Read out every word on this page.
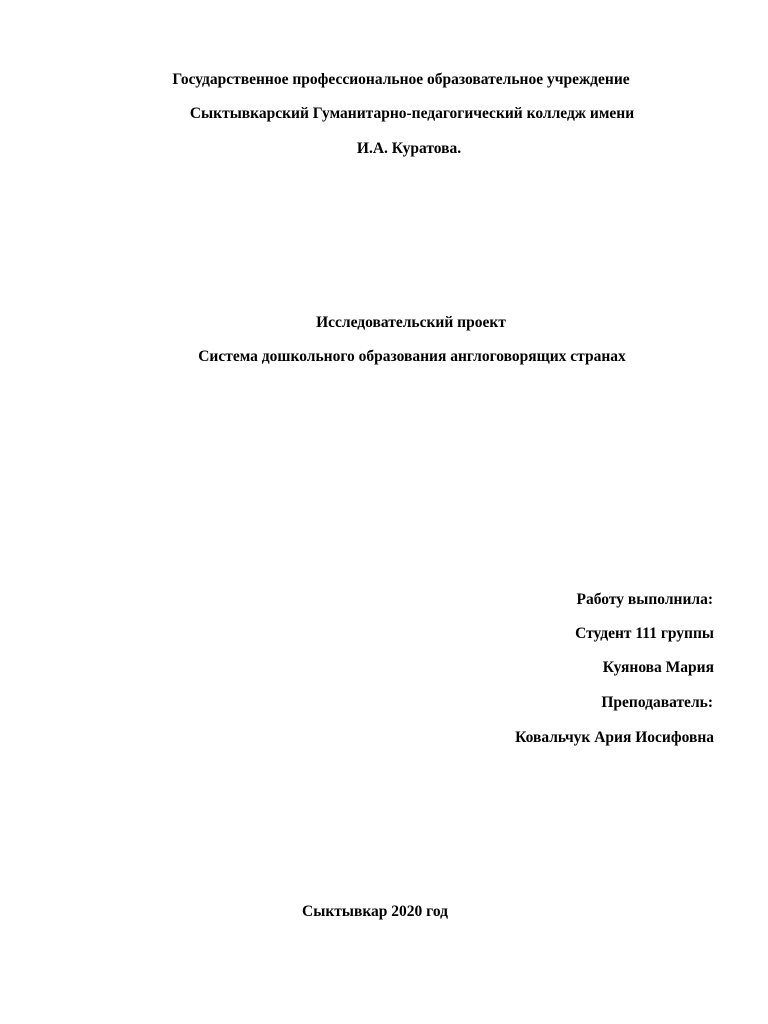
Государственное профессиональное образовательное учреждение
Сыктывкарский Гуманитарно-педагогический колледж имени
И.А. Куратова.
Исследовательский проект
Система дошкольного образования англоговорящих странах
Работу выполнила:
Студент 111 группы
Куянова Мария
Преподаватель:
Ковальчук Ария Иосифовна
Сыктывкар 2020 год
